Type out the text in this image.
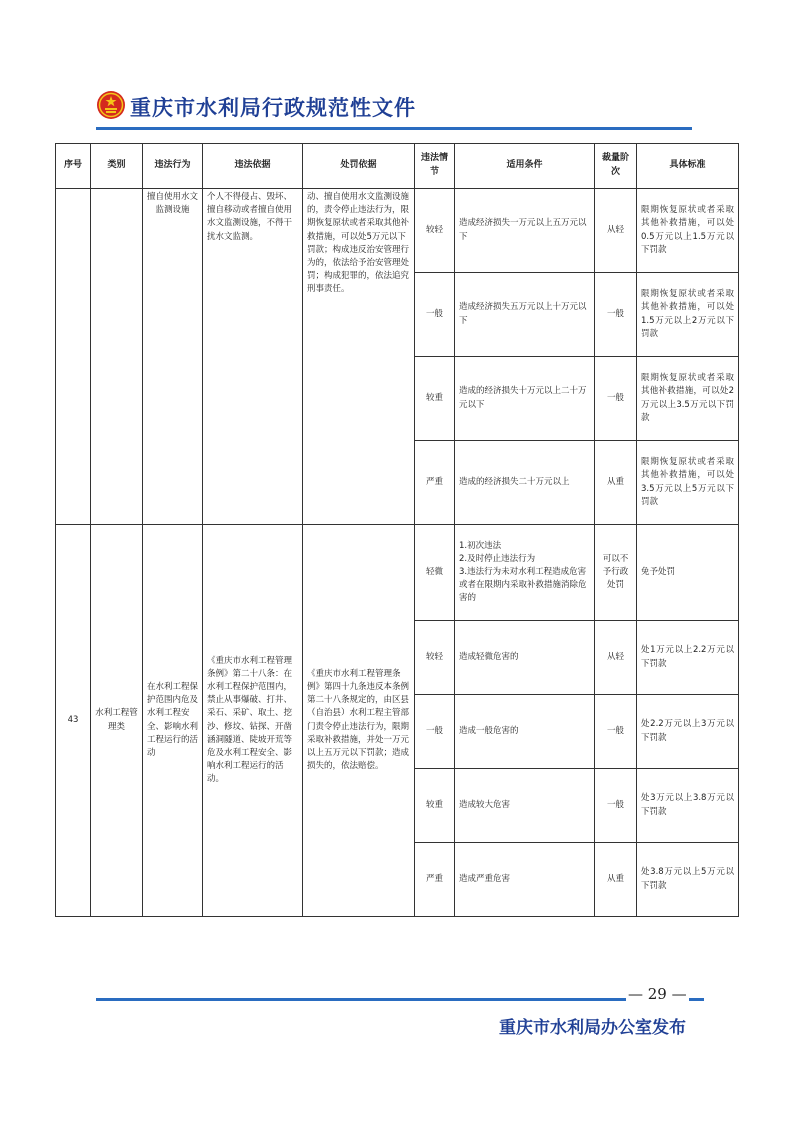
重庆市水利局行政规范性文件
序号	类别	违法行为	违法依据	处罚依据	违法情节	适用条件	裁量阶次	具体标准
		擅自使用水文监测设施	个人不得侵占、毁坏、擅自移动或者擅自使用水文监测设施，不得干扰水文监测。	动、擅自使用水文监测设施的，责令停止违法行为，限期恢复原状或者采取其他补救措施，可以处5万元以下罚款；构成违反治安管理行为的，依法给予治安管理处罚；构成犯罪的，依法追究刑事责任。	较轻	造成经济损失一万元以上五万元以下	从轻	限期恢复原状或者采取其他补救措施，可以处0.5万元以上1.5万元以下罚款
					一般	造成经济损失五万元以上十万元以下	一般	限期恢复原状或者采取其他补救措施，可以处1.5万元以上2万元以下罚款
					较重	造成的经济损失十万元以上二十万元以下	一般	限期恢复原状或者采取其他补救措施，可以处2万元以上3.5万元以下罚款
					严重	造成的经济损失二十万元以上	从重	限期恢复原状或者采取其他补救措施，可以处3.5万元以上5万元以下罚款
43	水利工程管理类	在水利工程保护范围内危及水利工程安全、影响水利工程运行的活动	《重庆市水利工程管理条例》第二十八条：在水利工程保护范围内，禁止从事爆破、打井、采石、采矿、取土、挖沙、修坟、钻探、开凿涵洞隧道、陡坡开荒等危及水利工程安全、影响水利工程运行的活动。	《重庆市水利工程管理条例》第四十九条违反本条例第二十八条规定的，由区县（自治县）水利工程主管部门责令停止违法行为，限期采取补救措施，并处一万元以上五万元以下罚款；造成损失的，依法赔偿。	轻微	1.初次违法
2.及时停止违法行为
3.违法行为未对水利工程造成危害或者在限期内采取补救措施消除危害的	可以不予行政处罚	免予处罚
					较轻	造成轻微危害的	从轻	处1万元以上2.2万元以下罚款
					一般	造成一般危害的	一般	处2.2万元以上3万元以下罚款
					较重	造成较大危害	一般	处3万元以上3.8万元以下罚款
					严重	造成严重危害	从重	处3.8万元以上5万元以下罚款
— 29 —
重庆市水利局办公室发布
